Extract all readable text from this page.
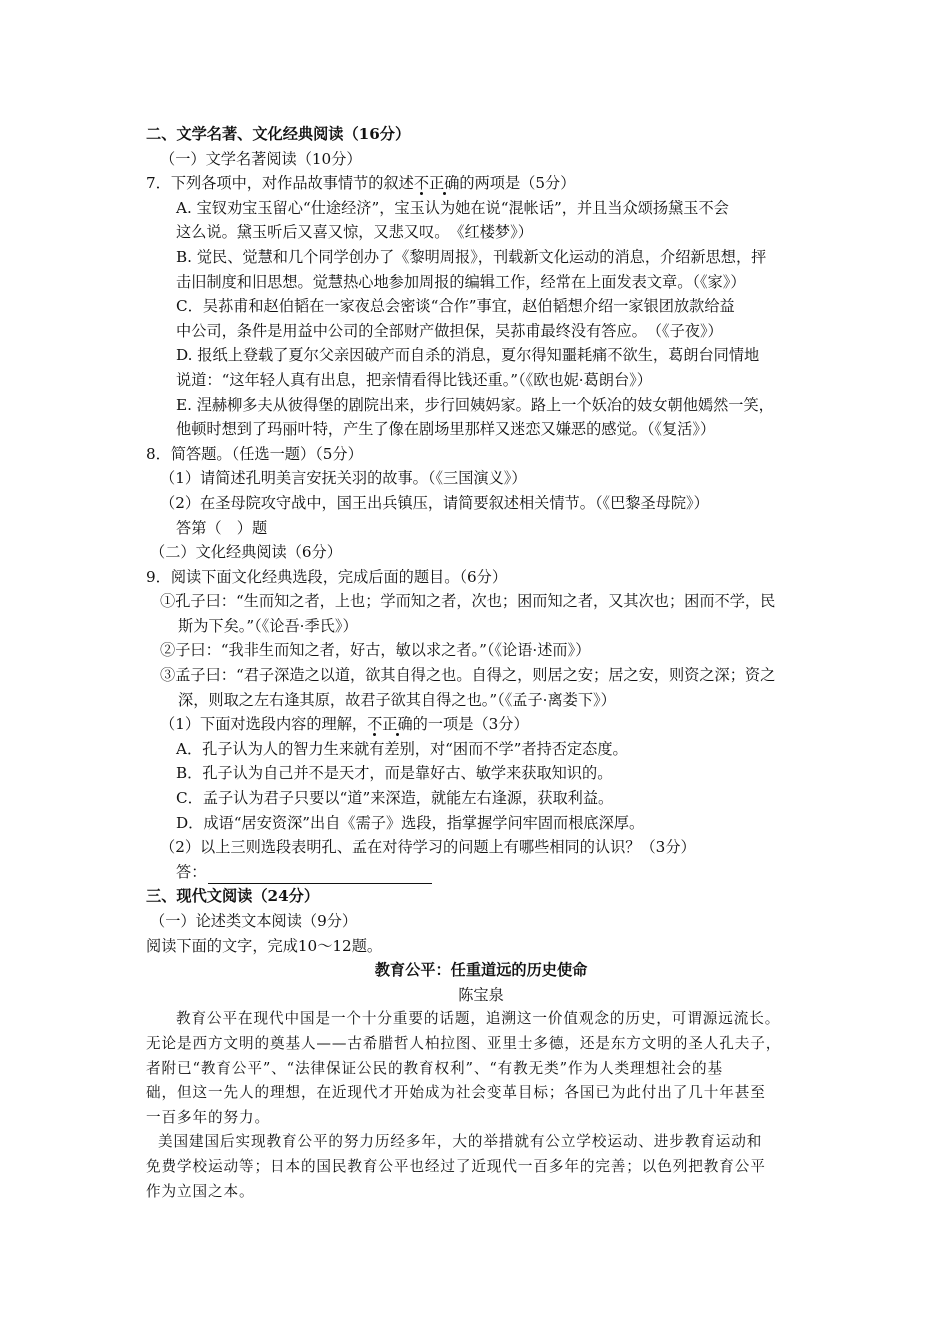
二、文学名著、文化经典阅读（16分）
（一）文学名著阅读（10分）
7．下列各项中，对作品故事情节的叙述不正确的两项是（5分）
A. 宝钗劝宝玉留心“仕途经济”，宝玉认为她在说“混帐话”，并且当众颂扬黛玉不会
这么说。黛玉听后又喜又惊，又悲又叹。　《红楼梦》）
B. 觉民、觉慧和几个同学创办了《黎明周报》，刊载新文化运动的消息，介绍新思想，抨
击旧制度和旧思想。觉慧热心地参加周报的编辑工作，经常在上面发表文章。（《家》）
C．吴荪甫和赵伯韬在一家夜总会密谈“合作”事宜，赵伯韬想介绍一家银团放款给益
中公司，条件是用益中公司的全部财产做担保，吴荪甫最终没有答应。　（《子夜》）
D. 报纸上登载了夏尔父亲因破产而自杀的消息，夏尔得知噩耗痛不欲生，葛朗台同情地
说道：“这年轻人真有出息，把亲情看得比钱还重。”（《欧也妮·葛朗台》）
E. 涅赫柳多夫从彼得堡的剧院出来，步行回姨妈家。路上一个妖冶的妓女朝他嫣然一笑，
他顿时想到了玛丽叶特，产生了像在剧场里那样又迷恋又嫌恶的感觉。（《复活》）
8．简答题。（任选一题）（5分）
（1）请简述孔明美言安抚关羽的故事。（《三国演义》）
（2）在圣母院攻守战中，国王出兵镇压，请简要叙述相关情节。（《巴黎圣母院》）
答第（　）题
（二）文化经典阅读（6分）
9．阅读下面文化经典选段，完成后面的题目。（6分）
①孔子曰：“生而知之者，上也；学而知之者，次也；困而知之者，又其次也；困而不学，民
斯为下矣。”（《论吾·季氏》）
②子曰：“我非生而知之者，好古，敏以求之者。”（《论语·述而》）
③孟子曰：“君子深造之以道，欲其自得之也。自得之，则居之安；居之安，则资之深；资之
深，则取之左右逢其原，故君子欲其自得之也。”（《孟子·离娄下》）
（1）下面对选段内容的理解，不正确的一项是（3分）
A．孔子认为人的智力生来就有差别，对“困而不学”者持否定态度。
B．孔子认为自己并不是天才，而是靠好古、敏学来获取知识的。
C．孟子认为君子只要以“道”来深造，就能左右逢源，获取利益。
D．成语“居安资深”出自《需子》选段，指掌握学问牢固而根底深厚。
（2）以上三则选段表明孔、孟在对待学习的问题上有哪些相同的认识？（3分）
答：
三、现代文阅读（24分）
（一）论述类文本阅读（9分）
阅读下面的文字，完成10～12题。
教育公平：任重道远的历史使命
陈宝泉
教育公平在现代中国是一个十分重要的话题，追溯这一价值观念的历史，可谓源远流长。
无论是西方文明的奠基人——古希腊哲人柏拉图、亚里士多德，还是东方文明的圣人孔夫子，
者附已“教育公平”、“法律保证公民的教育权利”、“有教无类”作为人类理想社会的基
础，但这一先人的理想，在近现代才开始成为社会变革目标；各国已为此付出了几十年甚至
一百多年的努力。
美国建国后实现教育公平的努力历经多年，大的举措就有公立学校运动、进步教育运动和
免费学校运动等；日本的国民教育公平也经过了近现代一百多年的完善；以色列把教育公平
作为立国之本。
